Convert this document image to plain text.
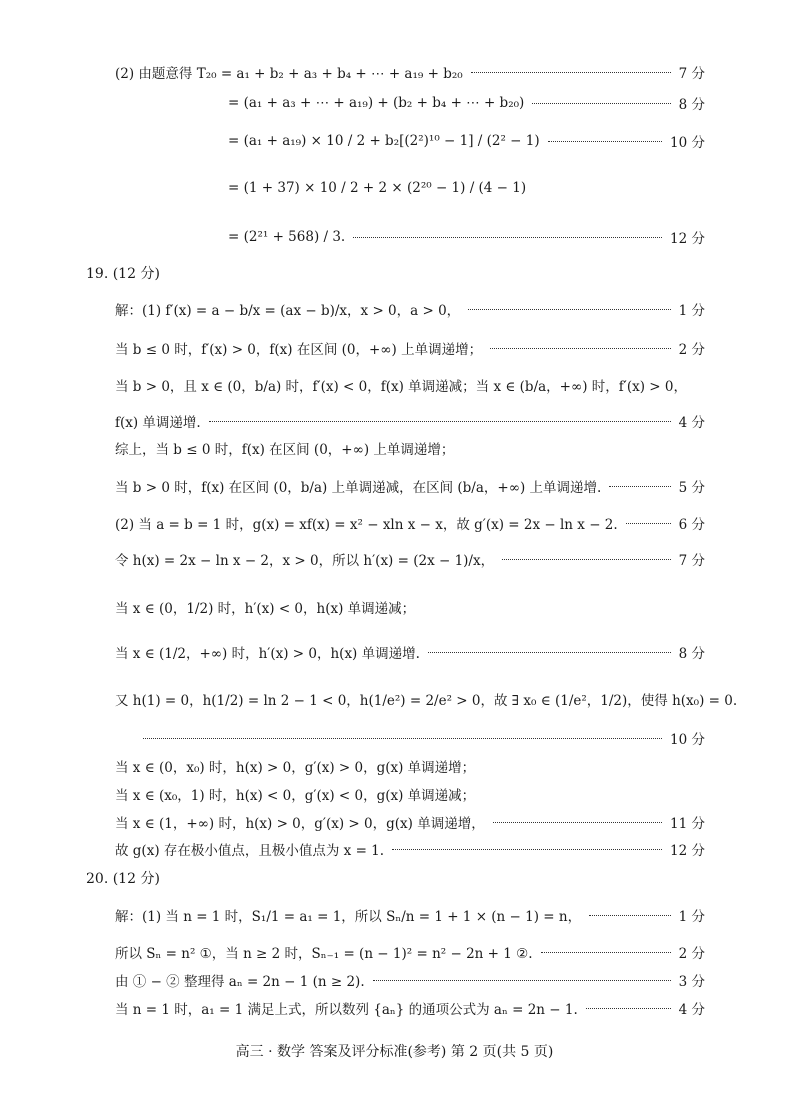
(2) 由题意得 T₂₀ = a₁ + b₂ + a₃ + b₄ + ⋯ + a₁₉ + b₂₀	7 分
= (a₁ + a₃ + ⋯ + a₁₉) + (b₂ + b₄ + ⋯ + b₂₀)	8 分
= (a₁ + a₁₉) × 10 / 2 + b₂[(2²)¹⁰ − 1] / (2² − 1)	10 分
= (1 + 37) × 10 / 2 + 2 × (2²⁰ − 1) / (4 − 1)
= (2²¹ + 568) / 3.	12 分
19. (12 分)
解：(1) f′(x) = a − b/x = (ax − b)/x，x > 0，a > 0，	1 分
当 b ≤ 0 时，f′(x) > 0，f(x) 在区间 (0，+∞) 上单调递增；	2 分
当 b > 0，且 x ∈ (0，b/a) 时，f′(x) < 0，f(x) 单调递减；当 x ∈ (b/a，+∞) 时，f′(x) > 0，
f(x) 单调递增.	4 分
综上，当 b ≤ 0 时，f(x) 在区间 (0，+∞) 上单调递增；
当 b > 0 时，f(x) 在区间 (0，b/a) 上单调递减，在区间 (b/a，+∞) 上单调递增.	5 分
(2) 当 a = b = 1 时，g(x) = xf(x) = x² − xln x − x，故 g′(x) = 2x − ln x − 2.	6 分
令 h(x) = 2x − ln x − 2，x > 0，所以 h′(x) = (2x − 1)/x，	7 分
当 x ∈ (0，1/2) 时，h′(x) < 0，h(x) 单调递减；
当 x ∈ (1/2，+∞) 时，h′(x) > 0，h(x) 单调递增.	8 分
又 h(1) = 0，h(1/2) = ln 2 − 1 < 0，h(1/e²) = 2/e² > 0，故 ∃ x₀ ∈ (1/e²，1/2)，使得 h(x₀) = 0.
10 分
当 x ∈ (0，x₀) 时，h(x) > 0，g′(x) > 0，g(x) 单调递增；
当 x ∈ (x₀，1) 时，h(x) < 0，g′(x) < 0，g(x) 单调递减；
当 x ∈ (1，+∞) 时，h(x) > 0，g′(x) > 0，g(x) 单调递增，	11 分
故 g(x) 存在极小值点，且极小值点为 x = 1.	12 分
20. (12 分)
解：(1) 当 n = 1 时，S₁/1 = a₁ = 1，所以 Sₙ/n = 1 + 1 × (n − 1) = n，	1 分
所以 Sₙ = n² ①，当 n ≥ 2 时，Sₙ₋₁ = (n − 1)² = n² − 2n + 1 ②.	2 分
由 ① − ② 整理得 aₙ = 2n − 1 (n ≥ 2).	3 分
当 n = 1 时，a₁ = 1 满足上式，所以数列 {aₙ} 的通项公式为 aₙ = 2n − 1.	4 分
高三 · 数学 答案及评分标准(参考) 第 2 页(共 5 页)
